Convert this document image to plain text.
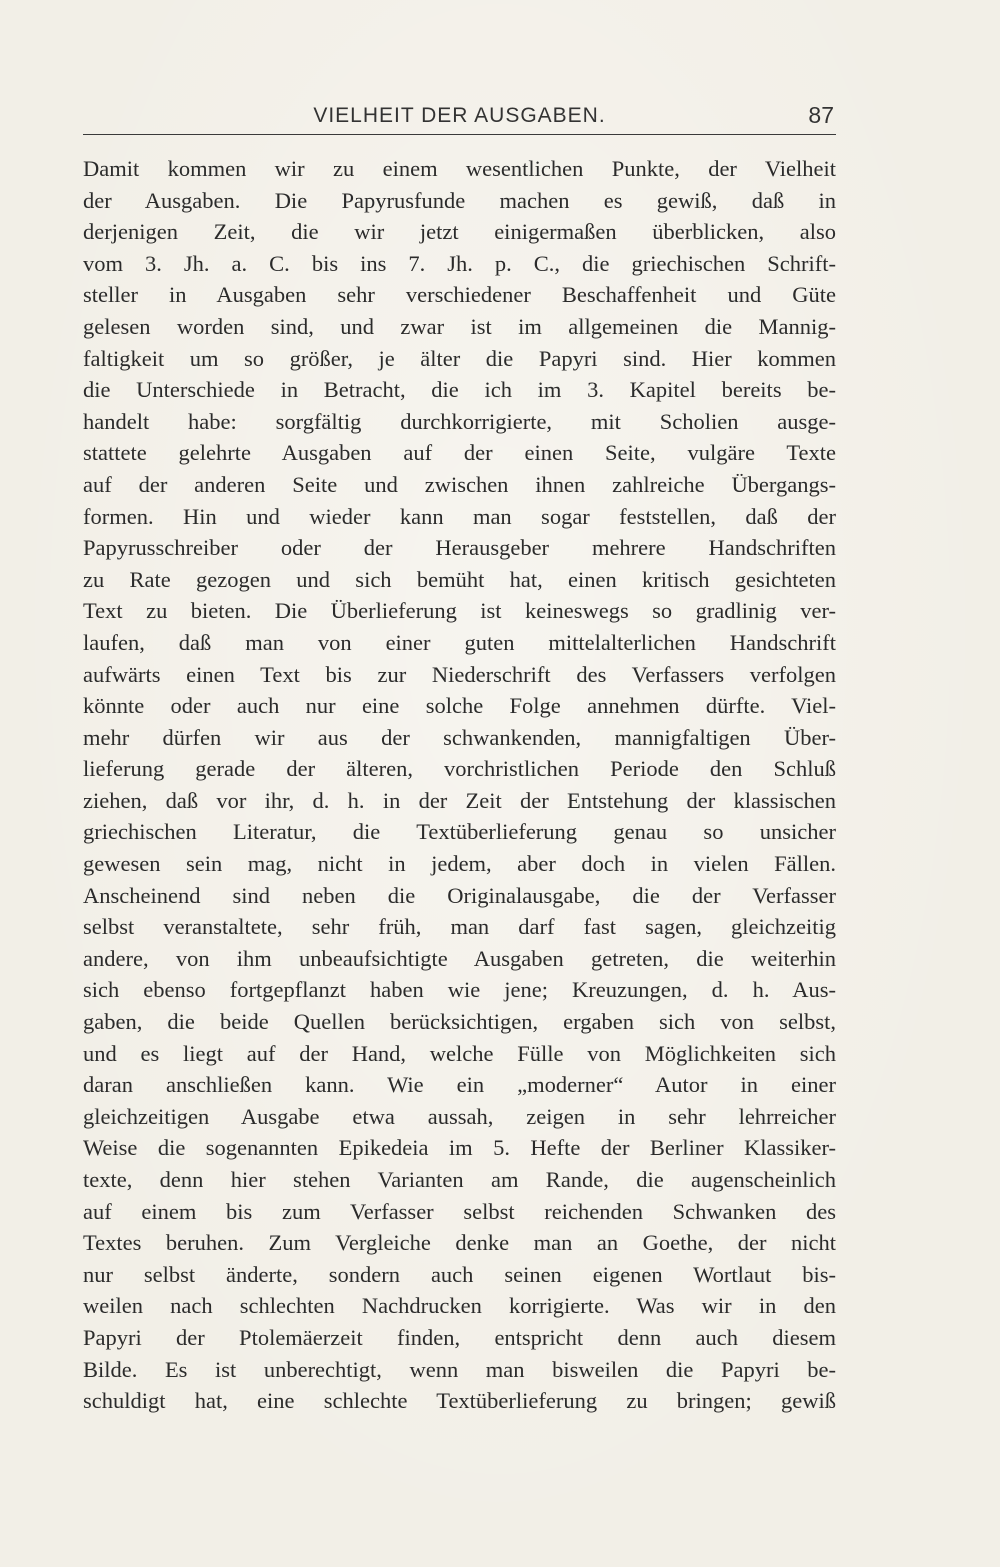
VIELHEIT DER AUSGABEN.	87
Damit kommen wir zu einem wesentlichen Punkte, der Vielheit
der Ausgaben. Die Papyrusfunde machen es gewiß, daß in
derjenigen Zeit, die wir jetzt einigermaßen überblicken, also
vom 3. Jh. a. C. bis ins 7. Jh. p. C., die griechischen Schrift-
steller in Ausgaben sehr verschiedener Beschaffenheit und Güte
gelesen worden sind, und zwar ist im allgemeinen die Mannig-
faltigkeit um so größer, je älter die Papyri sind. Hier kommen
die Unterschiede in Betracht, die ich im 3. Kapitel bereits be-
handelt habe: sorgfältig durchkorrigierte, mit Scholien ausge-
stattete gelehrte Ausgaben auf der einen Seite, vulgäre Texte
auf der anderen Seite und zwischen ihnen zahlreiche Übergangs-
formen. Hin und wieder kann man sogar feststellen, daß der
Papyrusschreiber oder der Herausgeber mehrere Handschriften
zu Rate gezogen und sich bemüht hat, einen kritisch gesichteten
Text zu bieten. Die Überlieferung ist keineswegs so gradlinig ver-
laufen, daß man von einer guten mittelalterlichen Handschrift
aufwärts einen Text bis zur Niederschrift des Verfassers verfolgen
könnte oder auch nur eine solche Folge annehmen dürfte. Viel-
mehr dürfen wir aus der schwankenden, mannigfaltigen Über-
lieferung gerade der älteren, vorchristlichen Periode den Schluß
ziehen, daß vor ihr, d. h. in der Zeit der Entstehung der klassischen
griechischen Literatur, die Textüberlieferung genau so unsicher
gewesen sein mag, nicht in jedem, aber doch in vielen Fällen.
Anscheinend sind neben die Originalausgabe, die der Verfasser
selbst veranstaltete, sehr früh, man darf fast sagen, gleichzeitig
andere, von ihm unbeaufsichtigte Ausgaben getreten, die weiterhin
sich ebenso fortgepflanzt haben wie jene; Kreuzungen, d. h. Aus-
gaben, die beide Quellen berücksichtigen, ergaben sich von selbst,
und es liegt auf der Hand, welche Fülle von Möglichkeiten sich
daran anschließen kann. Wie ein „moderner“ Autor in einer
gleichzeitigen Ausgabe etwa aussah, zeigen in sehr lehrreicher
Weise die sogenannten Epikedeia im 5. Hefte der Berliner Klassiker-
texte, denn hier stehen Varianten am Rande, die augenscheinlich
auf einem bis zum Verfasser selbst reichenden Schwanken des
Textes beruhen. Zum Vergleiche denke man an Goethe, der nicht
nur selbst änderte, sondern auch seinen eigenen Wortlaut bis-
weilen nach schlechten Nachdrucken korrigierte. Was wir in den
Papyri der Ptolemäerzeit finden, entspricht denn auch diesem
Bilde. Es ist unberechtigt, wenn man bisweilen die Papyri be-
schuldigt hat, eine schlechte Textüberlieferung zu bringen; gewiß
